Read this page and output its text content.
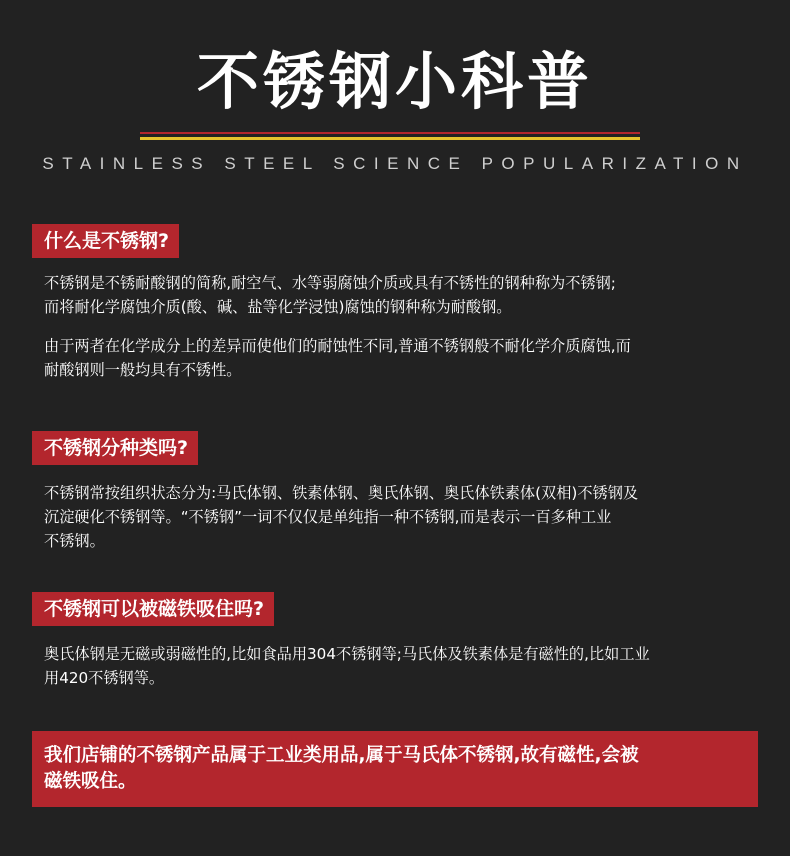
不锈钢小科普
STAINLESS STEEL SCIENCE POPULARIZATION
什么是不锈钢?

不锈钢是不锈耐酸钢的简称,耐空气、水等弱腐蚀介质或具有不锈性的钢种称为不锈钢;
而将耐化学腐蚀介质(酸、碱、盐等化学浸蚀)腐蚀的钢种称为耐酸钢。

由于两者在化学成分上的差异而使他们的耐蚀性不同,普通不锈钢般不耐化学介质腐蚀,而
耐酸钢则一般均具有不锈性。

不锈钢分种类吗?

不锈钢常按组织状态分为:马氏体钢、铁素体钢、奥氏体钢、奥氏体铁素体(双相)不锈钢及
沉淀硬化不锈钢等。“不锈钢”一词不仅仅是单纯指一种不锈钢,而是表示一百多种工业
不锈钢。

不锈钢可以被磁铁吸住吗?

奥氏体钢是无磁或弱磁性的,比如食品用304不锈钢等;马氏体及铁素体是有磁性的,比如工业
用420不锈钢等。

我们店铺的不锈钢产品属于工业类用品,属于马氏体不锈钢,故有磁性,会被
磁铁吸住。
